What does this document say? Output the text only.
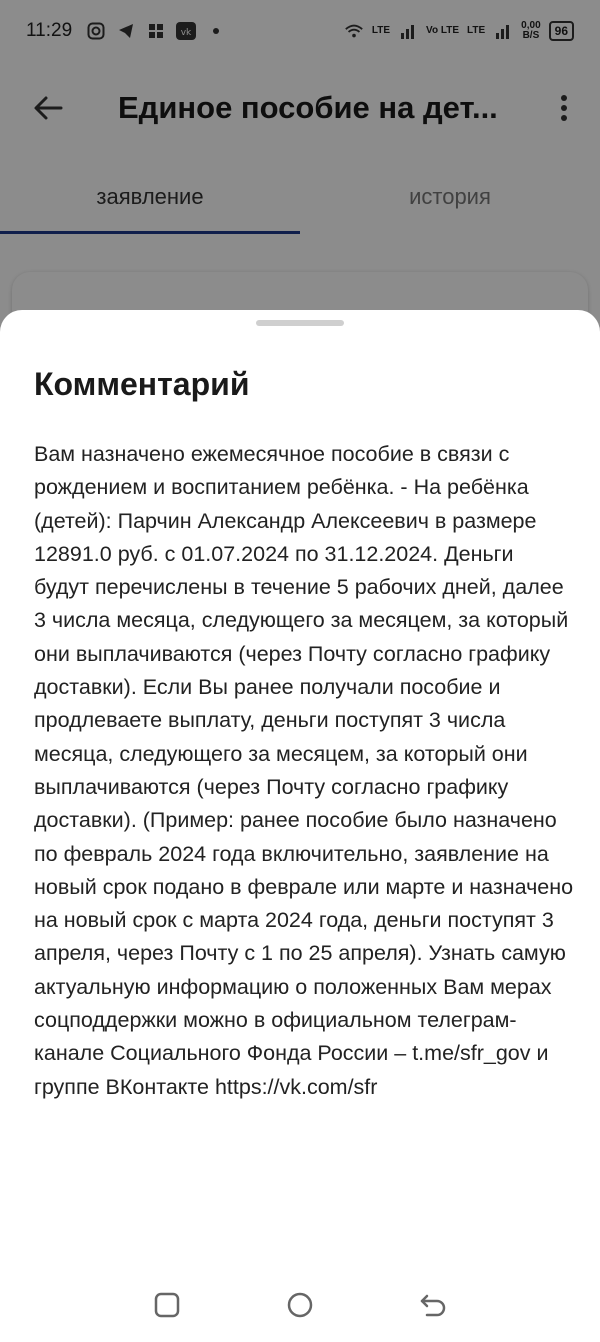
11:29	vk	LTE	Vo LTE LTE	0,00
B/S	96
Единое пособие на дет...
заявление	история
Комментарий
Вам назначено ежемесячное пособие в связи с рождением и воспитанием ребёнка. - На ребёнка (детей): Парчин Александр Алексеевич в размере 12891.0 руб. с 01.07.2024 по 31.12.2024. Деньги будут перечислены в течение 5 рабочих дней, далее 3 числа месяца, следующего за месяцем, за который они выплачиваются (через Почту согласно графику доставки). Если Вы ранее получали пособие и продлеваете выплату, деньги поступят 3 числа месяца, следующего за месяцем, за который они выплачиваются (через Почту согласно графику доставки). (Пример: ранее пособие было назначено по февраль 2024 года включительно, заявление на новый срок подано в феврале или марте и назначено на новый срок с марта 2024 года, деньги поступят 3 апреля, через Почту с 1 по 25 апреля). Узнать самую актуальную информацию о положенных Вам мерах соцподдержки можно в официальном телеграм-канале Социального Фонда России – t.me/sfr_gov и группе ВКонтакте https://vk.com/sfr
